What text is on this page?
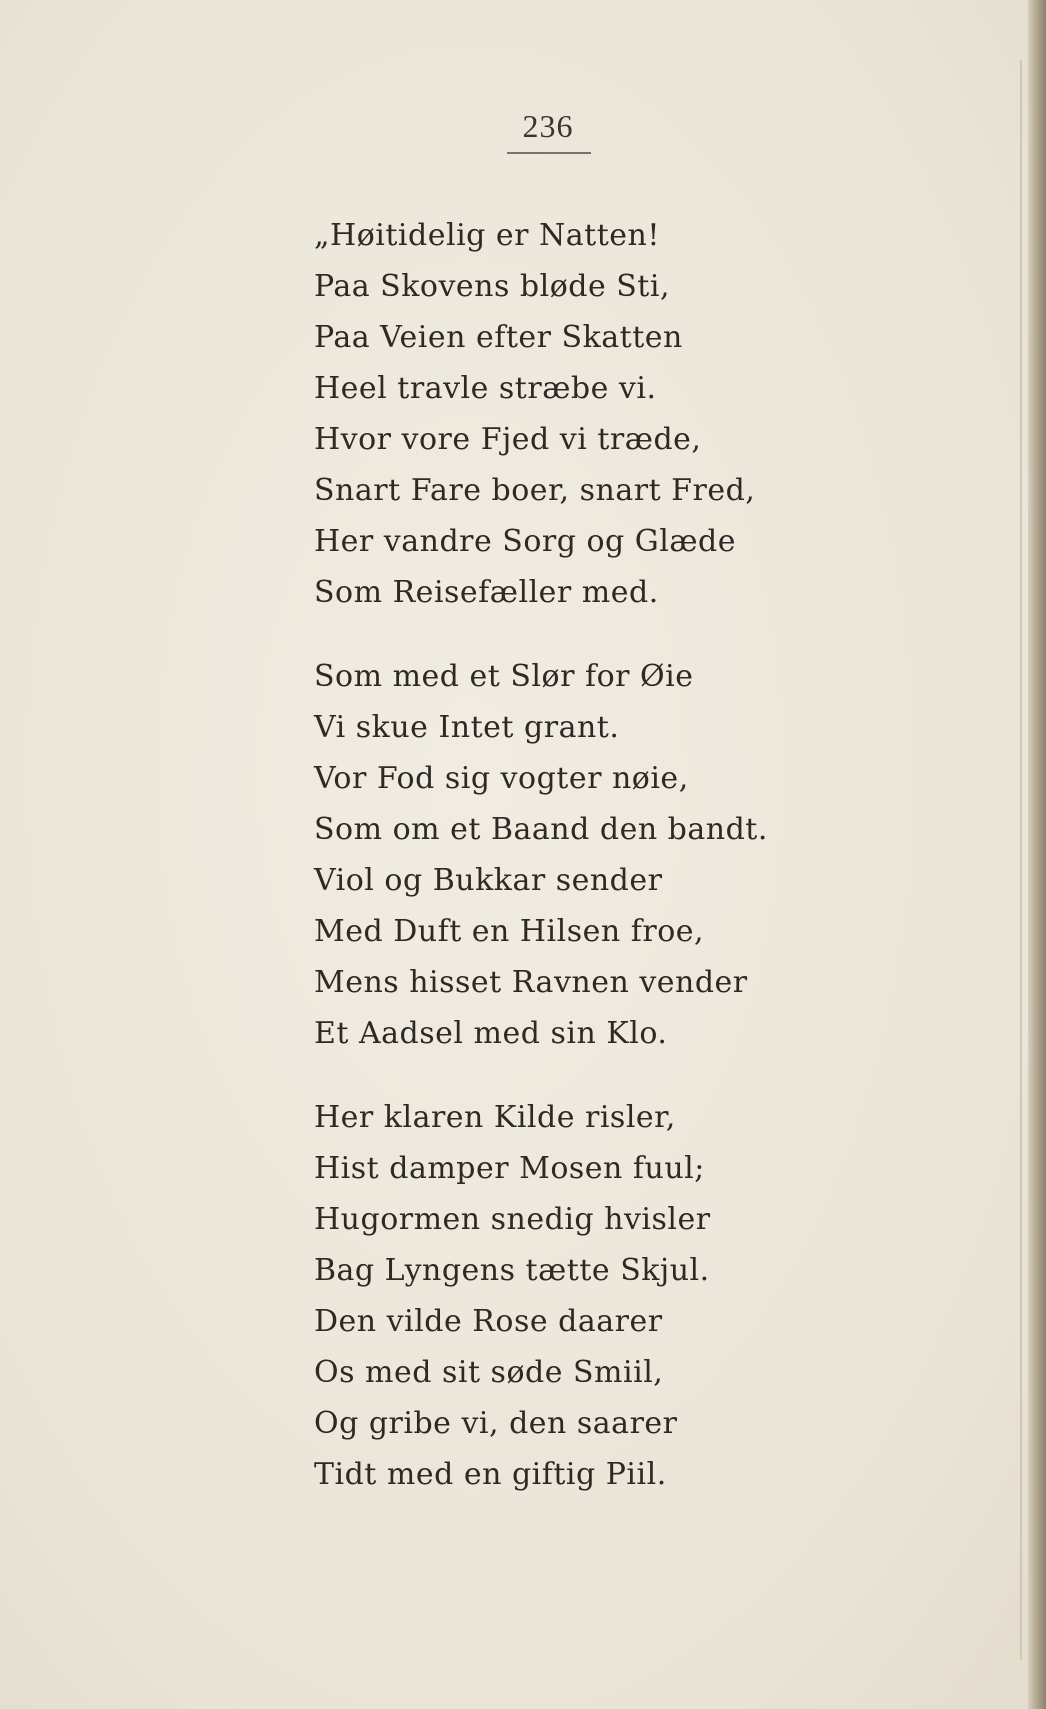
236
„Høitidelig er Natten!
Paa Skovens bløde Sti,
Paa Veien efter Skatten
Heel travle stræbe vi.
Hvor vore Fjed vi træde,
Snart Fare boer, snart Fred,
Her vandre Sorg og Glæde
Som Reisefæller med.
Som med et Slør for Øie
Vi skue Intet grant.
Vor Fod sig vogter nøie,
Som om et Baand den bandt.
Viol og Bukkar sender
Med Duft en Hilsen froe,
Mens hisset Ravnen vender
Et Aadsel med sin Klo.
Her klaren Kilde risler,
Hist damper Mosen fuul;
Hugormen snedig hvisler
Bag Lyngens tætte Skjul.
Den vilde Rose daarer
Os med sit søde Smiil,
Og gribe vi, den saarer
Tidt med en giftig Piil.
